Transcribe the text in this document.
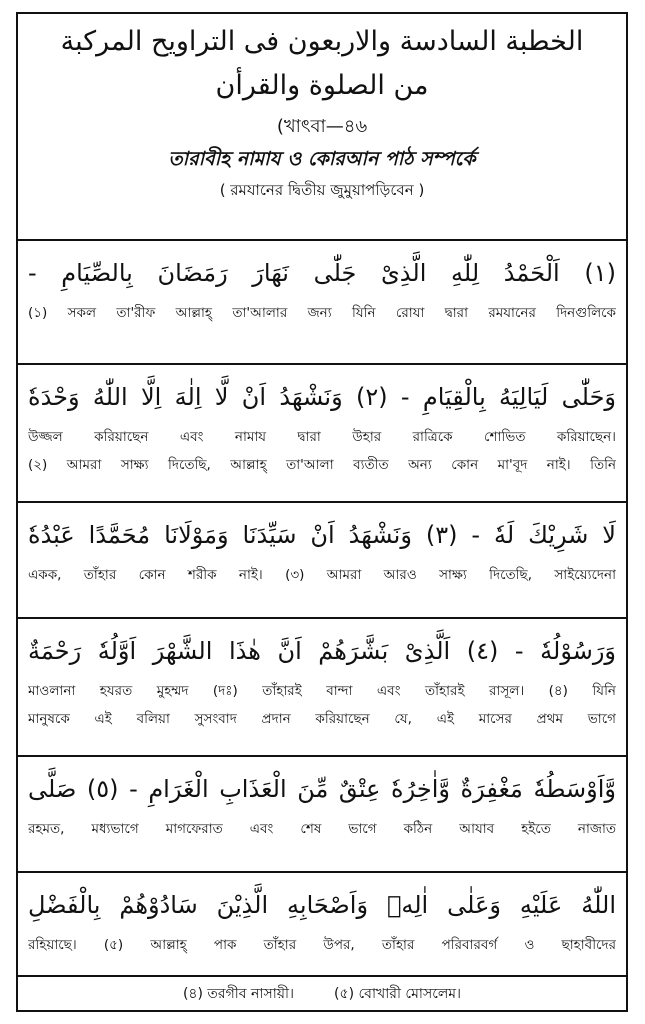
الخطبة السادسة والاربعون فى التراويح المركبة
من الصلوة والقرأن
(খাৎবা—৪৬
তারাবীহ নামায ও কোরআন পাঠ সম্পর্কে
( রমযানের দ্বিতীয় জুমুয়াপড়িবেন )
(١) اَلْحَمْدُ لِلّٰهِ الَّذِىْ جَلّٰى نَهَارَ رَمَضَانَ بِالصِّيَامِ -
(১) সকল তা'রীফ আল্লাহ্ তা'আলার জন্য যিনি রোযা দ্বারা রমযানের দিনগুলিকে
وَحَلّٰى لَيَالِيَهُ بِالْقِيَامِ - (٢) وَنَشْهَدُ اَنْ لَّا اِلٰهَ اِلَّا اللّٰهُ وَحْدَهٗ
উজ্জল করিয়াছেন এবং নামায দ্বারা উহার রাত্রিকে শোভিত করিয়াছেন।
(২) আমরা সাক্ষ্য দিতেছি, আল্লাহ্ তা'আলা ব্যতীত অন্য কোন মা'বূদ নাই। তিনি
لَا شَرِيْكَ لَهٗ - (٣) وَنَشْهَدُ اَنْ سَيِّدَنَا وَمَوْلَانَا مُحَمَّدًا عَبْدُهٗ
একক, তাঁহার কোন শরীক নাই। (৩) আমরা আরও সাক্ষ্য দিতেছি, সাইয়্যেদেনা
وَرَسُوْلُهٗ - (٤) اَلَّذِىْ بَشَّرَهُمْ اَنَّ هٰذَا الشَّهْرَ اَوَّلُهٗ رَحْمَةٌ
মাওলানা হযরত মুহম্মদ (দঃ) তাঁহারই বান্দা এবং তাঁহারই রাসূল। (৪) যিনি
মানুষকে এই বলিয়া সুসংবাদ প্রদান করিয়াছেন যে, এই মাসের প্রথম ভাগে
وَّاَوْسَطُهٗ مَغْفِرَةٌ وَّاٰخِرُهٗ عِتْقٌ مِّنَ الْعَذَابِ الْغَرَامِ - (٥) صَلَّى
রহমত, মধ্যভাগে মাগফেরাত এবং শেষ ভাগে কঠিন আযাব হইতে নাজাত
اللّٰهُ عَلَيْهِ وَعَلٰى اٰلِهٖ وَاَصْحَابِهِ الَّذِيْنَ سَادُوْهُمْ بِالْفَضْلِ
রহিয়াছে। (৫) আল্লাহ্ পাক তাঁহার উপর, তাঁহার পরিবারবর্গ ও ছাহাবীদের
(৪) তরগীব নাসায়ী।	(৫) বোখারী মোসলেম।
